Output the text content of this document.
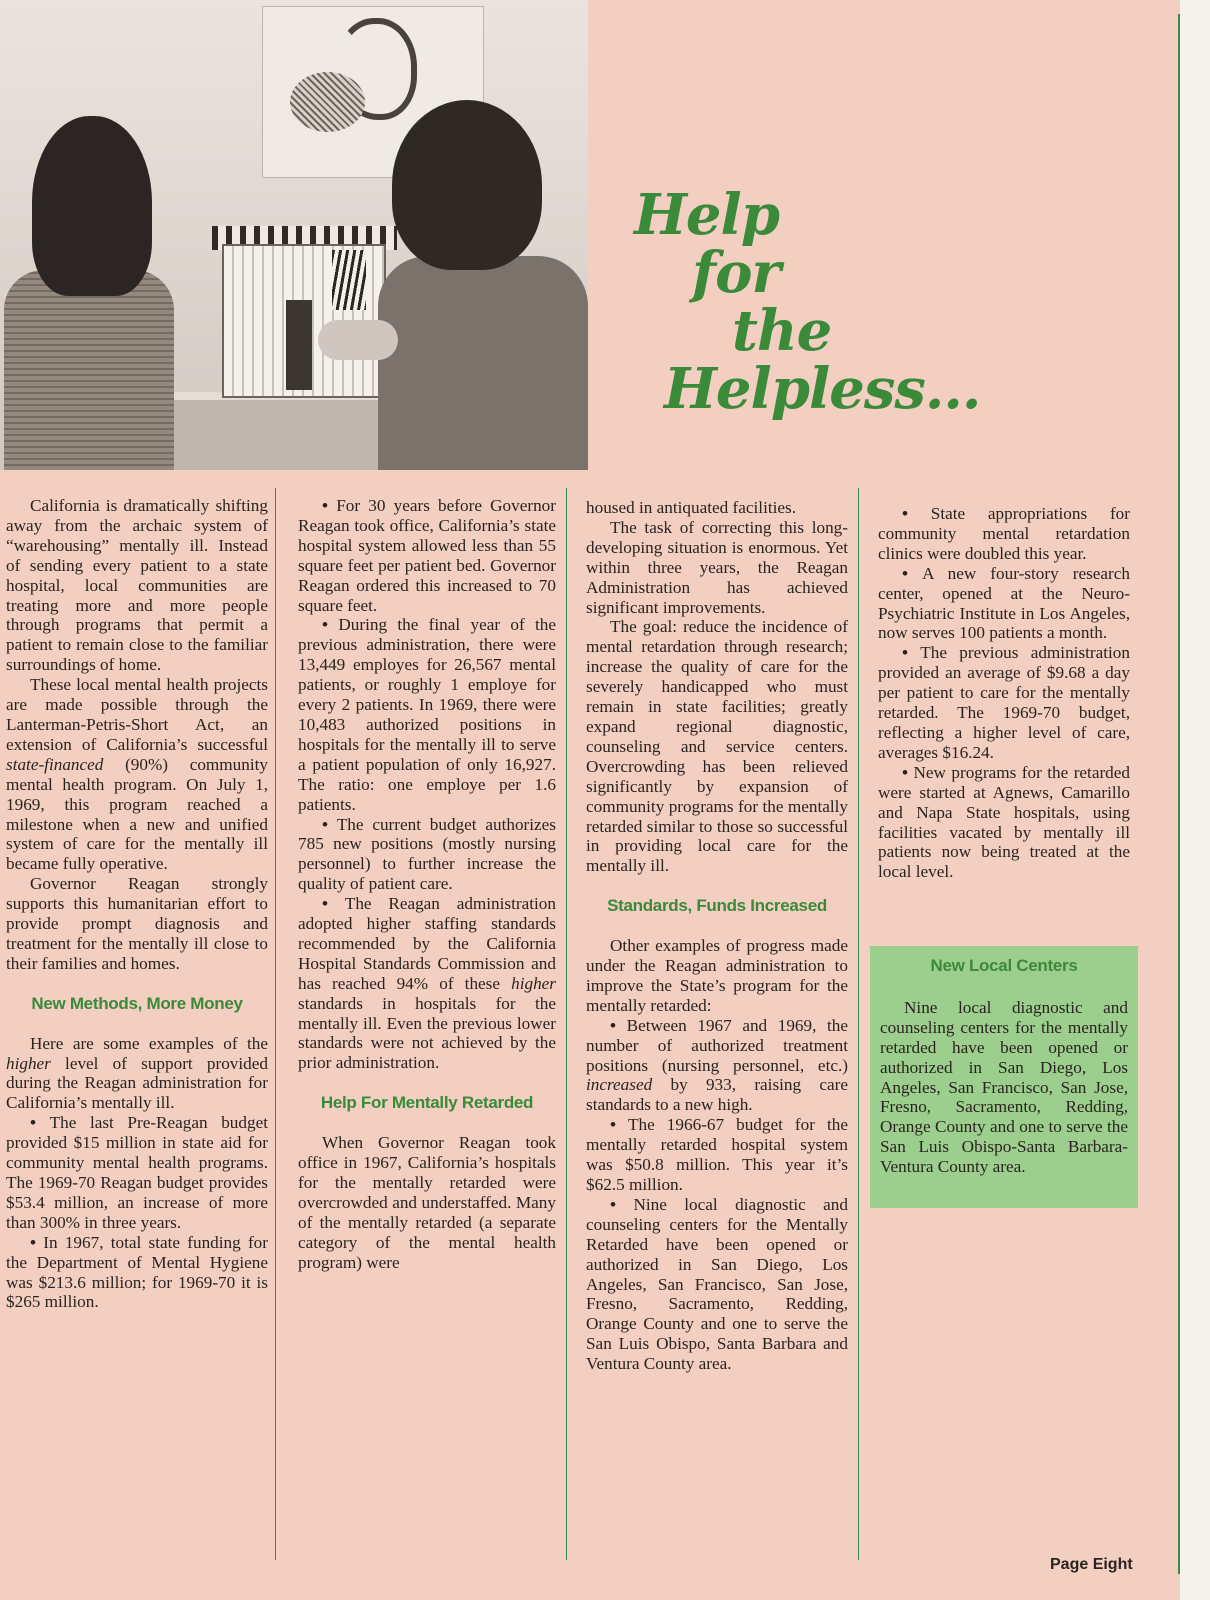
Help
for
the
Helpless...

California is dramatically shifting away from the archaic system of “warehousing” mentally ill. Instead of sending every patient to a state hospital, local communities are treating more and more people through programs that permit a patient to remain close to the familiar surroundings of home.

These local mental health projects are made possible through the Lanterman-Petris-Short Act, an extension of California’s successful state-financed (90%) community mental health program. On July 1, 1969, this program reached a milestone when a new and unified system of care for the mentally ill became fully operative.

Governor Reagan strongly supports this humanitarian effort to provide prompt diagnosis and treatment for the mentally ill close to their families and homes.

New Methods, More Money

Here are some examples of the higher level of support provided during the Reagan administration for California’s mentally ill.

• The last Pre-Reagan budget provided $15 million in state aid for community mental health programs. The 1969-70 Reagan budget provides $53.4 million, an increase of more than 300% in three years.

• In 1967, total state funding for the Department of Mental Hygiene was $213.6 million; for 1969-70 it is $265 million.

• For 30 years before Governor Reagan took office, California’s state hospital system allowed less than 55 square feet per patient bed. Governor Reagan ordered this increased to 70 square feet.

• During the final year of the previous administration, there were 13,449 employes for 26,567 mental patients, or roughly 1 employe for every 2 patients. In 1969, there were 10,483 authorized positions in hospitals for the mentally ill to serve a patient population of only 16,927. The ratio: one employe per 1.6 patients.

• The current budget authorizes 785 new positions (mostly nursing personnel) to further increase the quality of patient care.

• The Reagan administration adopted higher staffing standards recommended by the California Hospital Standards Commission and has reached 94% of these higher standards in hospitals for the mentally ill. Even the previous lower standards were not achieved by the prior administration.

Help For Mentally Retarded

When Governor Reagan took office in 1967, California’s hospitals for the mentally retarded were overcrowded and understaffed. Many of the mentally retarded (a separate category of the mental health program) were

housed in antiquated facilities.

The task of correcting this long-developing situation is enormous. Yet within three years, the Reagan Administration has achieved significant improvements.

The goal: reduce the incidence of mental retardation through research; increase the quality of care for the severely handicapped who must remain in state facilities; greatly expand regional diagnostic, counseling and service centers. Overcrowding has been relieved significantly by expansion of community programs for the mentally retarded similar to those so successful in providing local care for the mentally ill.

Standards, Funds Increased

Other examples of progress made under the Reagan administration to improve the State’s program for the mentally retarded:

• Between 1967 and 1969, the number of authorized treatment positions (nursing personnel, etc.) increased by 933, raising care standards to a new high.

• The 1966-67 budget for the mentally retarded hospital system was $50.8 million. This year it’s $62.5 million.

• Nine local diagnostic and counseling centers for the Mentally Retarded have been opened or authorized in San Diego, Los Angeles, San Francisco, San Jose, Fresno, Sacramento, Redding, Orange County and one to serve the San Luis Obispo, Santa Barbara and Ventura County area.

• State appropriations for community mental retardation clinics were doubled this year.

• A new four-story research center, opened at the Neuro-Psychiatric Institute in Los Angeles, now serves 100 patients a month.

• The previous administration provided an average of $9.68 a day per patient to care for the mentally retarded. The 1969-70 budget, reflecting a higher level of care, averages $16.24.

• New programs for the retarded were started at Agnews, Camarillo and Napa State hospitals, using facilities vacated by mentally ill patients now being treated at the local level.

New Local Centers

Nine local diagnostic and counseling centers for the mentally retarded have been opened or authorized in San Diego, Los Angeles, San Francisco, San Jose, Fresno, Sacramento, Redding, Orange County and one to serve the San Luis Obispo-Santa Barbara-Ventura County area.

Page Eight
